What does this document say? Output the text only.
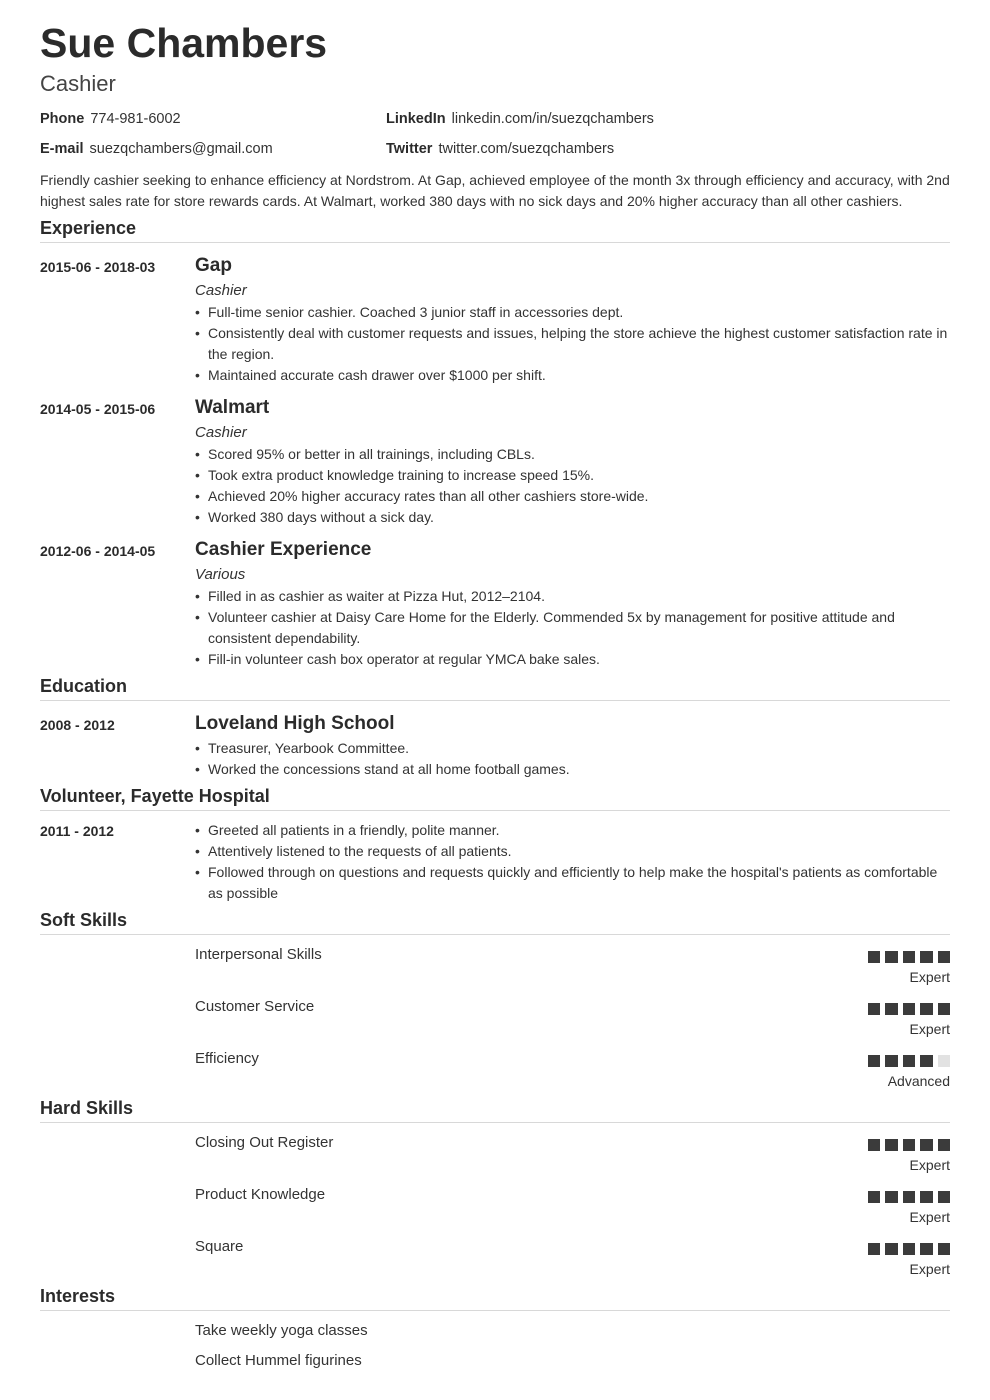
Sue Chambers
Cashier
Phone 774-981-6002	LinkedIn linkedin.com/in/suezqchambers
E-mail suezqchambers@gmail.com	Twitter twitter.com/suezqchambers
Friendly cashier seeking to enhance efficiency at Nordstrom. At Gap, achieved employee of the month 3x through efficiency and accuracy, with 2nd highest sales rate for store rewards cards. At Walmart, worked 380 days with no sick days and 20% higher accuracy than all other cashiers.
Experience
2015-06 - 2018-03 Gap
Cashier
• Full-time senior cashier. Coached 3 junior staff in accessories dept.
• Consistently deal with customer requests and issues, helping the store achieve the highest customer satisfaction rate in the region.
• Maintained accurate cash drawer over $1000 per shift.
2014-05 - 2015-06 Walmart
Cashier
• Scored 95% or better in all trainings, including CBLs.
• Took extra product knowledge training to increase speed 15%.
• Achieved 20% higher accuracy rates than all other cashiers store-wide.
• Worked 380 days without a sick day.
2012-06 - 2014-05 Cashier Experience
Various
• Filled in as cashier as waiter at Pizza Hut, 2012–2104.
• Volunteer cashier at Daisy Care Home for the Elderly. Commended 5x by management for positive attitude and consistent dependability.
• Fill-in volunteer cash box operator at regular YMCA bake sales.
Education
2008 - 2012	Loveland High School
• Treasurer, Yearbook Committee.
• Worked the concessions stand at all home football games.
Volunteer, Fayette Hospital
2011 - 2012
•	Greeted all patients in a friendly, polite manner.
• Attentively listened to the requests of all patients.
• Followed through on questions and requests quickly and efficiently to help make the hospital's patients as comfortable as possible
Soft Skills
Interpersonal Skills
Expert
Customer Service
Expert
Efficiency
Advanced
Hard Skills
Closing Out Register
Expert
Product Knowledge
Expert
Square
Expert
Interests
Take weekly yoga classes
Collect Hummel figurines
